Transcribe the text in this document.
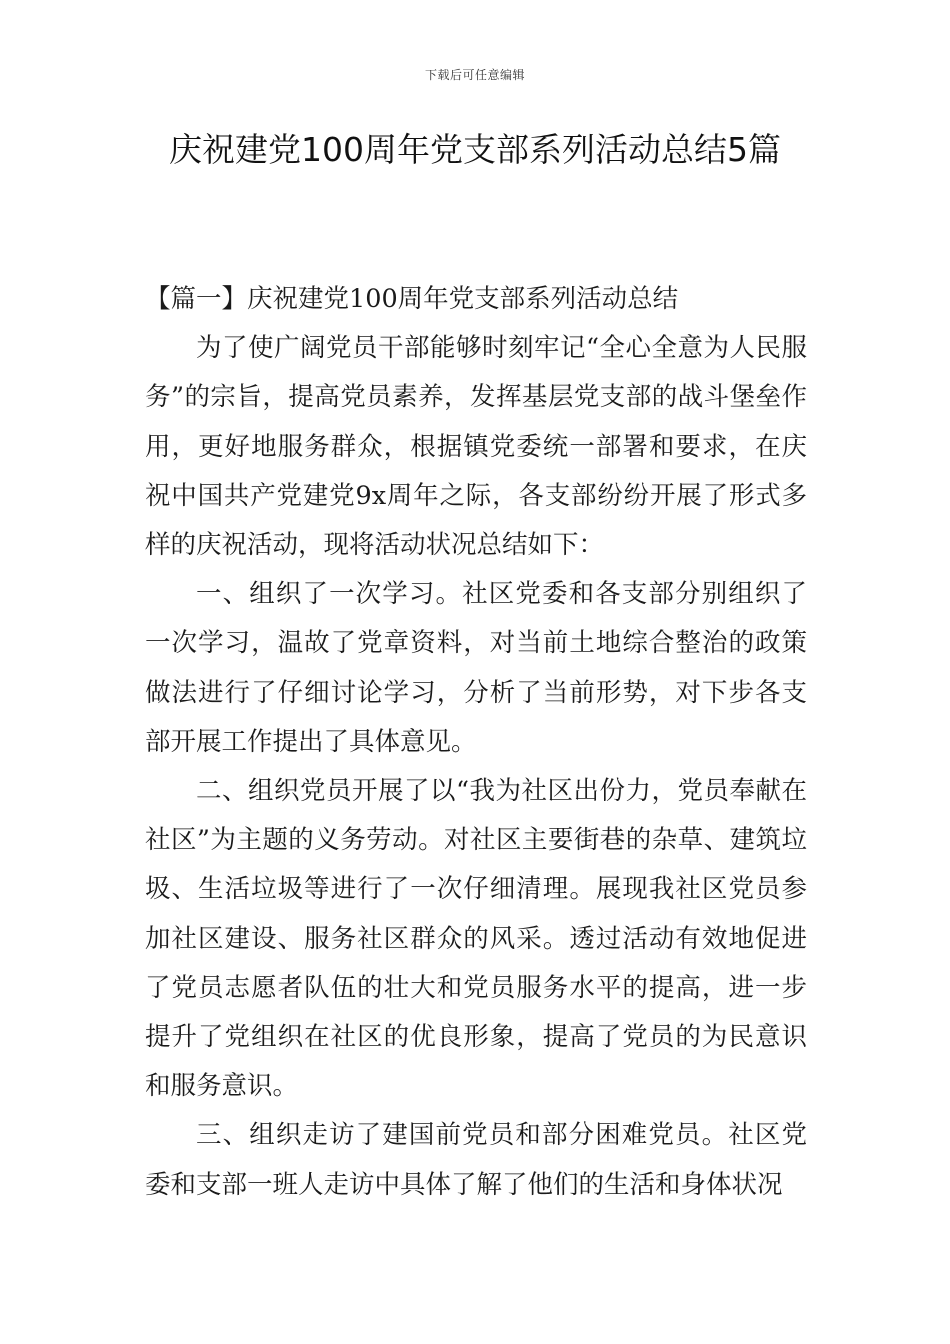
下载后可任意编辑
庆祝建党100周年党支部系列活动总结5篇

【篇一】庆祝建党100周年党支部系列活动总结

为了使广阔党员干部能够时刻牢记“全心全意为人民服务”的宗旨，提高党员素养，发挥基层党支部的战斗堡垒作用，更好地服务群众，根据镇党委统一部署和要求，在庆祝中国共产党建党9x周年之际，各支部纷纷开展了形式多样的庆祝活动，现将活动状况总结如下：

一、组织了一次学习。社区党委和各支部分别组织了一次学习，温故了党章资料，对当前土地综合整治的政策做法进行了仔细讨论学习，分析了当前形势，对下步各支部开展工作提出了具体意见。

二、组织党员开展了以“我为社区出份力，党员奉献在社区”为主题的义务劳动。对社区主要街巷的杂草、建筑垃圾、生活垃圾等进行了一次仔细清理。展现我社区党员参加社区建设、服务社区群众的风采。透过活动有效地促进了党员志愿者队伍的壮大和党员服务水平的提高，进一步提升了党组织在社区的优良形象，提高了党员的为民意识和服务意识。

三、组织走访了建国前党员和部分困难党员。社区党委和支部一班人走访中具体了解了他们的生活和身体状况
